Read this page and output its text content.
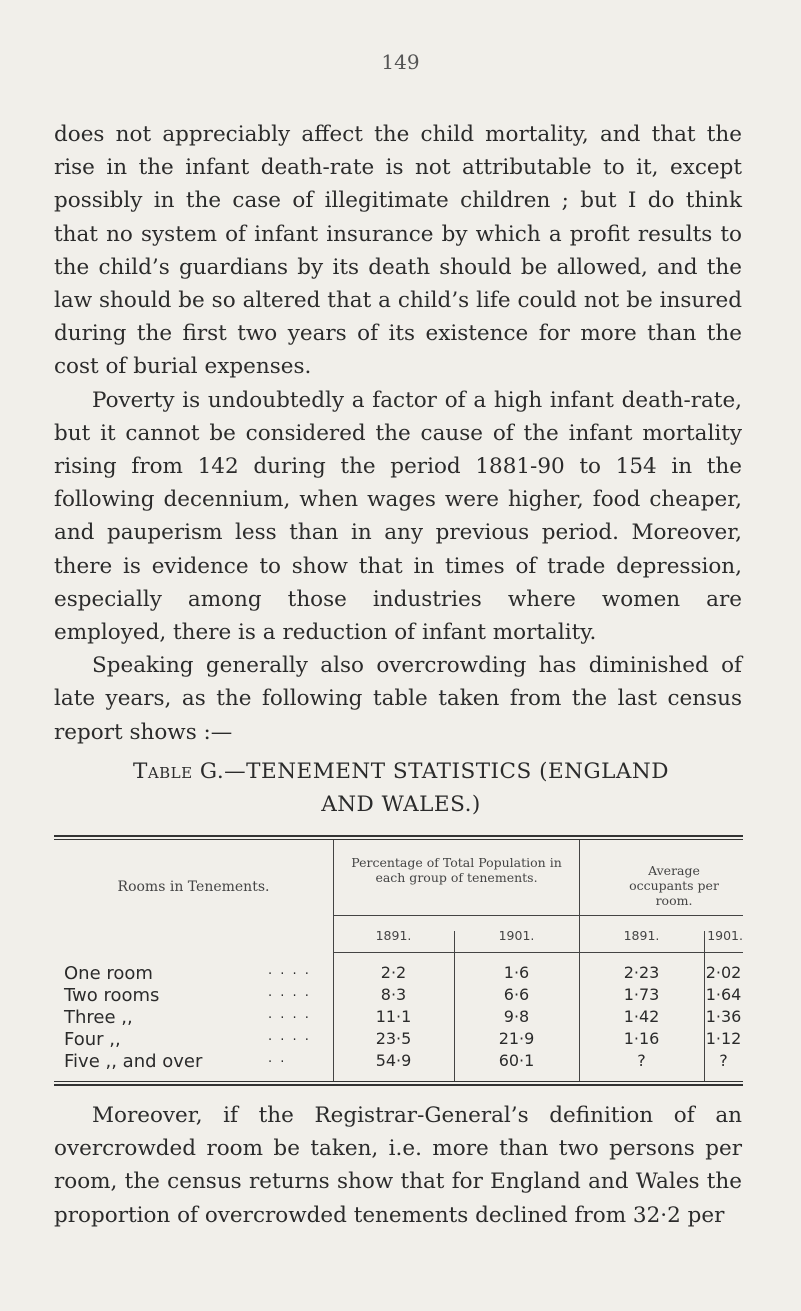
149

does not appreciably affect the child mortality, and that the rise in the infant death-rate is not attributable to it, except possibly in the case of illegitimate children ; but I do think that no system of infant insurance by which a profit results to the child’s guardians by its death should be allowed, and the law should be so altered that a child’s life could not be insured during the first two years of its existence for more than the cost of burial expenses.

Poverty is undoubtedly a factor of a high infant death-rate, but it cannot be considered the cause of the infant mortality rising from 142 during the period 1881-90 to 154 in the following decennium, when wages were higher, food cheaper, and pauperism less than in any previous period. Moreover, there is evidence to show that in times of trade depression, especially among those industries where women are employed, there is a reduction of infant mortality.

Speaking generally also overcrowding has diminished of late years, as the following table taken from the last census report shows :—

Table G.—TENEMENT STATISTICS (ENGLAND
AND WALES.)
Rooms in Tenements.
Percentage of Total Population in each group of tenements.	Average occupants per room.
1891.	1901.	1891.	1901.
One room	. . . .	2·2	1·6	2·23	2·02
Two rooms	. . . .	8·3	6·6	1·73	1·64
Three ,,	. . . .	11·1	9·8	1·42	1·36
Four ,,	. . . .	23·5	21·9	1·16	1·12
Five ,, and over	. .	54·9	60·1	?	?

Moreover, if the Registrar-General’s definition of an overcrowded room be taken, i.e. more than two persons per room, the census returns show that for England and Wales the proportion of overcrowded tenements declined from 32·2 per
